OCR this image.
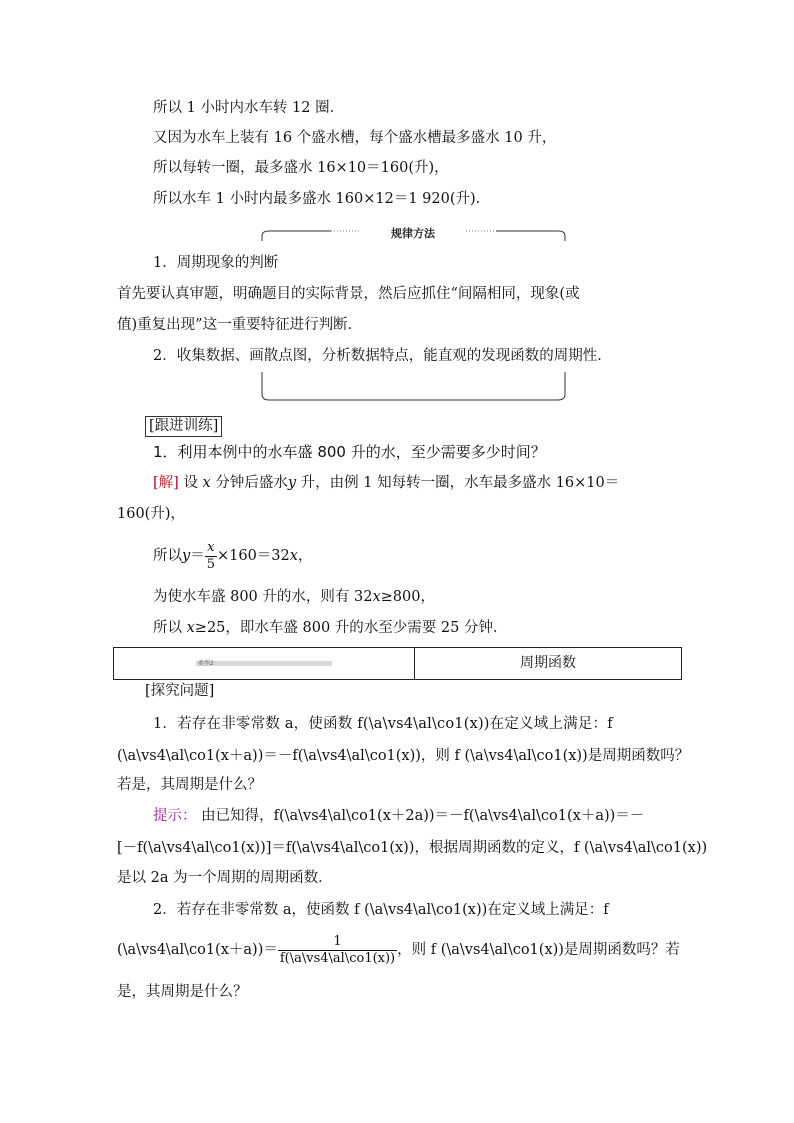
所以 1 小时内水车转 12 圈．
又因为水车上装有 16 个盛水槽，每个盛水槽最多盛水 10 升，
所以每转一圈，最多盛水 16×10＝160(升)，
所以水车 1 小时内最多盛水 160×12＝1 920(升)．
规律方法
1．周期现象的判断
首先要认真审题，明确题目的实际背景，然后应抓住“间隔相同，现象(或
值)重复出现”这一重要特征进行判断．
2．收集数据、画散点图，分析数据特点，能直观的发现函数的周期性．
[跟进训练]
1．利用本例中的水车盛 800 升的水，至少需要多少时间？
[解] 设 x 分钟后盛水y 升，由例 1 知每转一圈，水车最多盛水 16×10＝
160(升)，
所以$y= \frac{x}{5} \times 160=32x$，
为使水车盛 800 升的水，则有 32x≥800，
所以 x≥25，即水车盛 800 升的水至少需要 25 分钟．
类型2	周期函数
[探究问题]
1．若存在非零常数 a，使函数 f(\a\vs4\al\co1(x))在定义域上满足：f
(\a\vs4\al\co1(x＋a))＝－f(\a\vs4\al\co1(x))，则 f (\a\vs4\al\co1(x))是周期函数吗？
若是，其周期是什么？
提示： 由已知得，f(\a\vs4\al\co1(x＋2a))＝－f(\a\vs4\al\co1(x＋a))＝－
[－f(\a\vs4\al\co1(x))]＝f(\a\vs4\al\co1(x))，根据周期函数的定义，f (\a\vs4\al\co1(x))
是以 2a 为一个周期的周期函数．
2．若存在非零常数 a，使函数 f (\a\vs4\al\co1(x))在定义域上满足：f
(\a\vs4\al\co1(x＋a))＝ $\frac{1}{f(\backslash a\backslash vs4\backslash al\backslash co1(x))}$ ，则 f (\a\vs4\al\co1(x))是周期函数吗？若
是，其周期是什么？
